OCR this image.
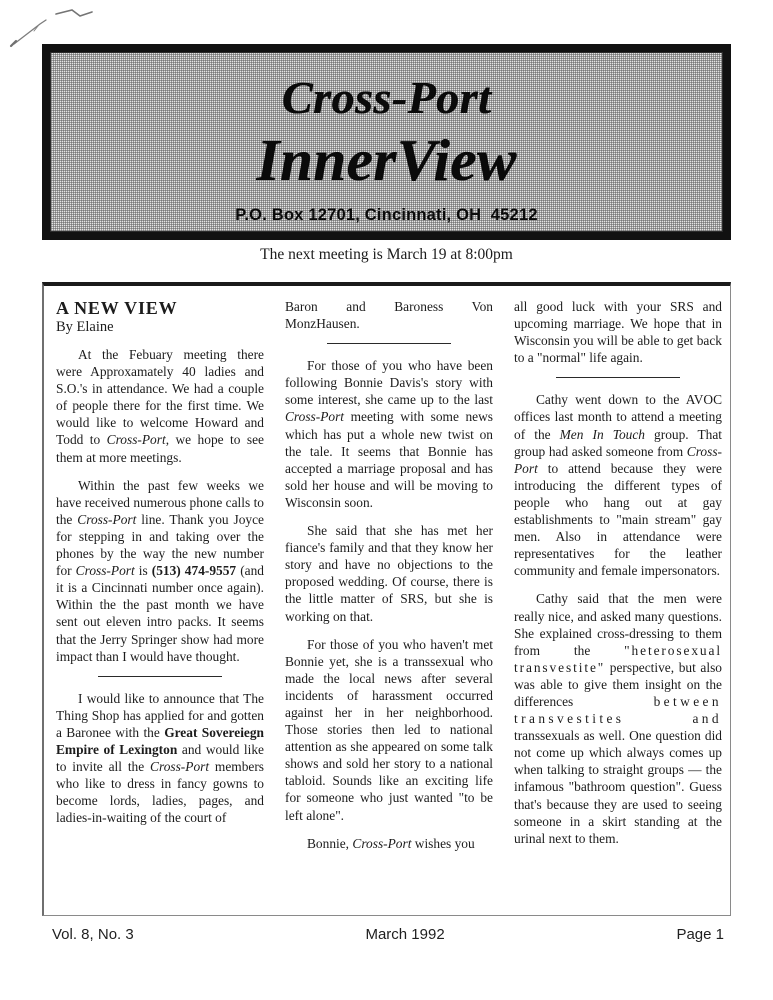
Cross-Port
InnerView
P.O. Box 12701, Cincinnati, OH  45212
The next meeting is March 19 at 8:00pm
A NEW VIEW
By Elaine

At the Febuary meeting there were Approxamately 40 ladies and S.O.'s in attendance. We had a couple of people there for the first time. We would like to welcome Howard and Todd to Cross-Port, we hope to see them at more meetings.

Within the past few weeks we have received numerous phone calls to the Cross-Port line. Thank you Joyce for stepping in and taking over the phones by the way the new number for Cross-Port is (513) 474-9557 (and it is a Cincinnati number once again). Within the the past month we have sent out eleven intro packs. It seems that the Jerry Springer show had more impact than I would have thought.

I would like to announce that The Thing Shop has applied for and gotten a Baronee with the Great Sovereiegn Empire of Lexington and would like to invite all the Cross-Port members who like to dress in fancy gowns to become lords, ladies, pages, and ladies-in-waiting of the court of

Baron and Baroness Von MonzHausen.

For those of you who have been following Bonnie Davis's story with some interest, she came up to the last Cross-Port meeting with some news which has put a whole new twist on the tale. It seems that Bonnie has accepted a marriage proposal and has sold her house and will be moving to Wisconsin soon.

She said that she has met her fiance's family and that they know her story and have no objections to the proposed wedding. Of course, there is the little matter of SRS, but she is working on that.

For those of you who haven't met Bonnie yet, she is a transsexual who made the local news after several incidents of harassment occurred against her in her neighborhood. Those stories then led to national attention as she appeared on some talk shows and sold her story to a national tabloid. Sounds like an exciting life for someone who just wanted "to be left alone".

Bonnie, Cross-Port wishes you

all good luck with your SRS and upcoming marriage. We hope that in Wisconsin you will be able to get back to a "normal" life again.

Cathy went down to the AVOC offices last month to attend a meeting of the Men In Touch group. That group had asked someone from Cross-Port to attend because they were introducing the different types of people who hang out at gay establishments to "main stream" gay men. Also in attendance were representatives for the leather community and female impersonators.

Cathy said that the men were really nice, and asked many questions. She explained cross-dressing to them from the "heterosexual transvestite" perspective, but also was able to give them insight on the differences between transvestites and transsexuals as well. One question did not come up which always comes up when talking to straight groups — the infamous "bathroom question". Guess that's because they are used to seeing someone in a skirt standing at the urinal next to them.

Vol. 8, No. 3	March 1992	Page 1
